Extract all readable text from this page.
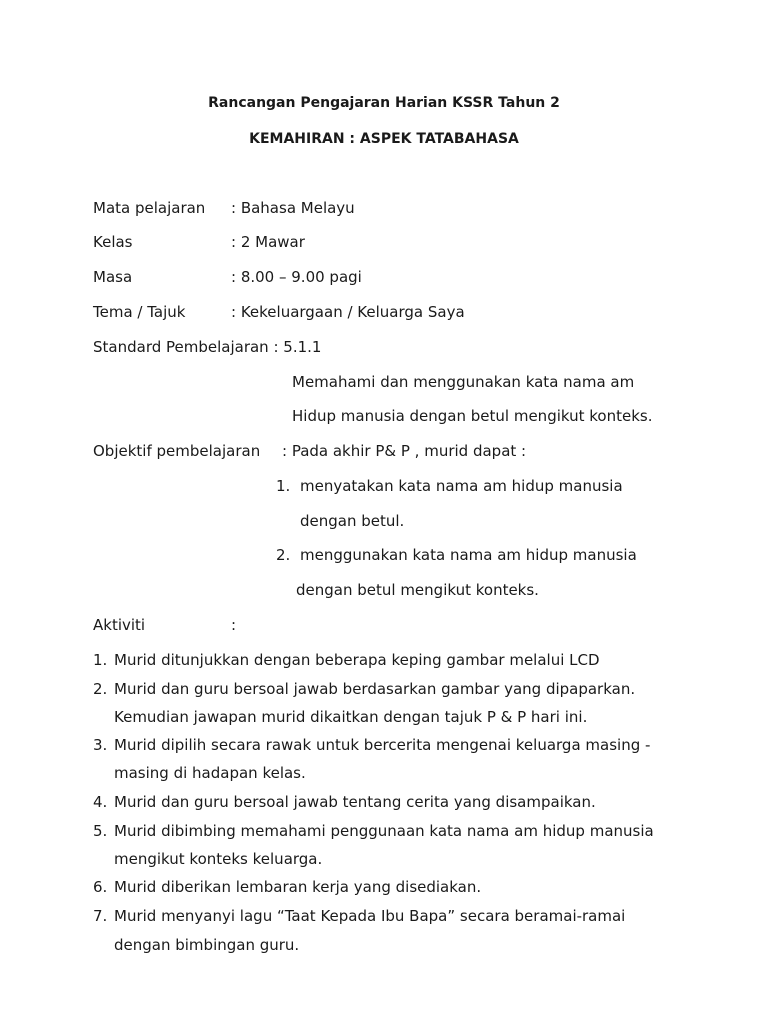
Rancangan Pengajaran Harian KSSR Tahun 2
KEMAHIRAN : ASPEK TATABAHASA
Mata pelajaran : Bahasa Melayu
Kelas	: 2 Mawar
Masa	: 8.00 – 9.00 pagi
Tema / Tajuk	: Kekeluargaan / Keluarga Saya
Standard Pembelajaran : 5.1.1
Memahami dan menggunakan kata nama am
Hidup manusia dengan betul mengikut konteks.
Objektif pembelajaran : Pada akhir P& P , murid dapat :
1. menyatakan kata nama am hidup manusia
dengan betul.
2. menggunakan kata nama am hidup manusia
dengan betul mengikut konteks.
Aktiviti	:
1. Murid ditunjukkan dengan beberapa keping gambar melalui LCD
2. Murid dan guru bersoal jawab berdasarkan gambar yang dipaparkan.
Kemudian jawapan murid dikaitkan dengan tajuk P & P hari ini.
3. Murid dipilih secara rawak untuk bercerita mengenai keluarga masing -
masing di hadapan kelas.
4. Murid dan guru bersoal jawab tentang cerita yang disampaikan.
5. Murid dibimbing memahami penggunaan kata nama am hidup manusia
mengikut konteks keluarga.
6. Murid diberikan lembaran kerja yang disediakan.
7. Murid menyanyi lagu “Taat Kepada Ibu Bapa” secara beramai-ramai
dengan bimbingan guru.
